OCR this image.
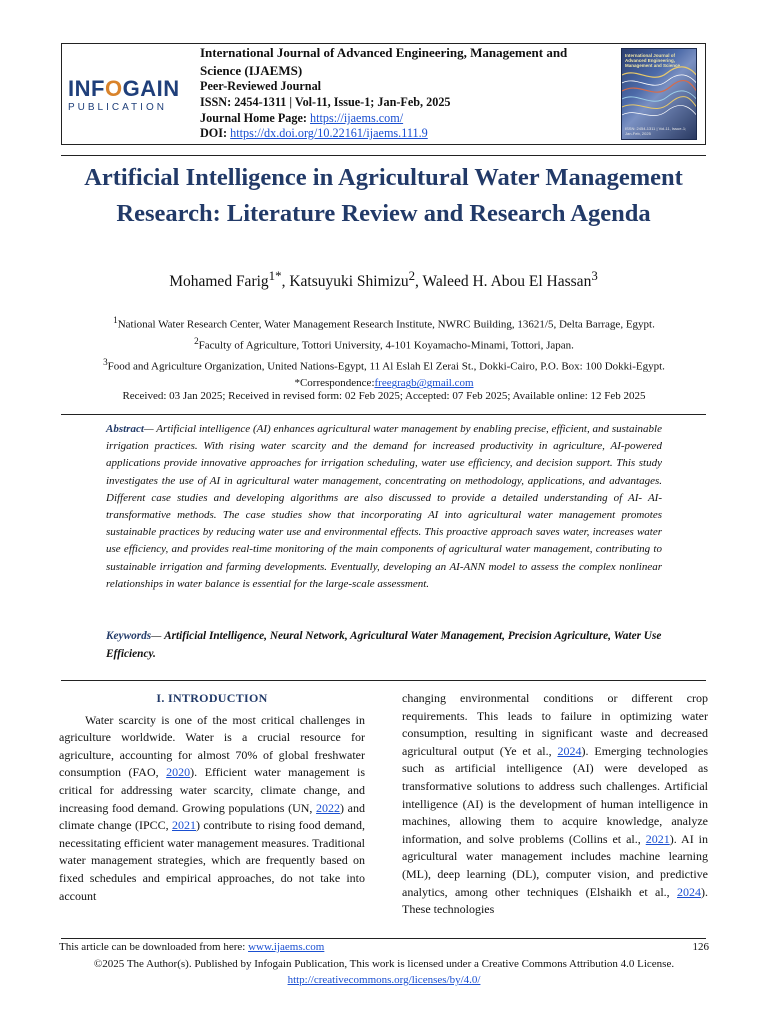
INFOGAIN
PUBLICATION
International Journal of Advanced Engineering, Management and Science (IJAEMS)
Peer-Reviewed Journal
ISSN: 2454-1311 | Vol-11, Issue-1; Jan-Feb, 2025
Journal Home Page: https://ijaems.com/
DOI: https://dx.doi.org/10.22161/ijaems.111.9
International Journal of Advanced Engineering, Management and Science
ISSN: 2454-1311 | Vol-11, Issue-1; Jan-Feb, 2025
Artificial Intelligence in Agricultural Water Management Research: Literature Review and Research Agenda
Mohamed Farig$^{1*}$, Katsuyuki Shimizu$^2$, Waleed H. Abou El Hassan$^3$
$^1$National Water Research Center, Water Management Research Institute, NWRC Building, 13621/5, Delta Barrage, Egypt.
$^2$Faculty of Agriculture, Tottori University, 4-101 Koyamacho-Minami, Tottori, Japan.
$^3$Food and Agriculture Organization, United Nations-Egypt, 11 Al Eslah El Zerai St., Dokki-Cairo, P.O. Box: 100 Dokki-Egypt.
*Correspondence:freegragb@gmail.com
Received: 03 Jan 2025; Received in revised form: 02 Feb 2025; Accepted: 07 Feb 2025; Available online: 12 Feb 2025
Abstract— Artificial intelligence (AI) enhances agricultural water management by enabling precise, efficient, and sustainable irrigation practices. With rising water scarcity and the demand for increased productivity in agriculture, AI-powered applications provide innovative approaches for irrigation scheduling, water use efficiency, and decision support. This study investigates the use of AI in agricultural water management, concentrating on methodology, applications, and advantages. Different case studies and developing algorithms are also discussed to provide a detailed understanding of AI- AI-transformative methods. The case studies show that incorporating AI into agricultural water management promotes sustainable practices by reducing water use and environmental effects. This proactive approach saves water, increases water use efficiency, and provides real-time monitoring of the main components of agricultural water management, contributing to sustainable irrigation and farming developments. Eventually, developing an AI-ANN model to assess the complex nonlinear relationships in water balance is essential for the large-scale assessment.
Keywords— Artificial Intelligence, Neural Network, Agricultural Water Management, Precision Agriculture, Water Use Efficiency.
I. INTRODUCTION
Water scarcity is one of the most critical challenges in agriculture worldwide. Water is a crucial resource for agriculture, accounting for almost 70% of global freshwater consumption (FAO, 2020). Efficient water management is critical for addressing water scarcity, climate change, and increasing food demand. Growing populations (UN, 2022) and climate change (IPCC, 2021) contribute to rising food demand, necessitating efficient water management measures. Traditional water management strategies, which are frequently based on fixed schedules and empirical approaches, do not take into account
changing environmental conditions or different crop requirements. This leads to failure in optimizing water consumption, resulting in significant waste and decreased agricultural output (Ye et al., 2024). Emerging technologies such as artificial intelligence (AI) were developed as transformative solutions to address such challenges. Artificial intelligence (AI) is the development of human intelligence in machines, allowing them to acquire knowledge, analyze information, and solve problems (Collins et al., 2021). AI in agricultural water management includes machine learning (ML), deep learning (DL), computer vision, and predictive analytics, among other techniques (Elshaikh et al., 2024). These technologies
This article can be downloaded from here: www.ijaems.com	126
©2025 The Author(s). Published by Infogain Publication, This work is licensed under a Creative Commons Attribution 4.0 License. http://creativecommons.org/licenses/by/4.0/
